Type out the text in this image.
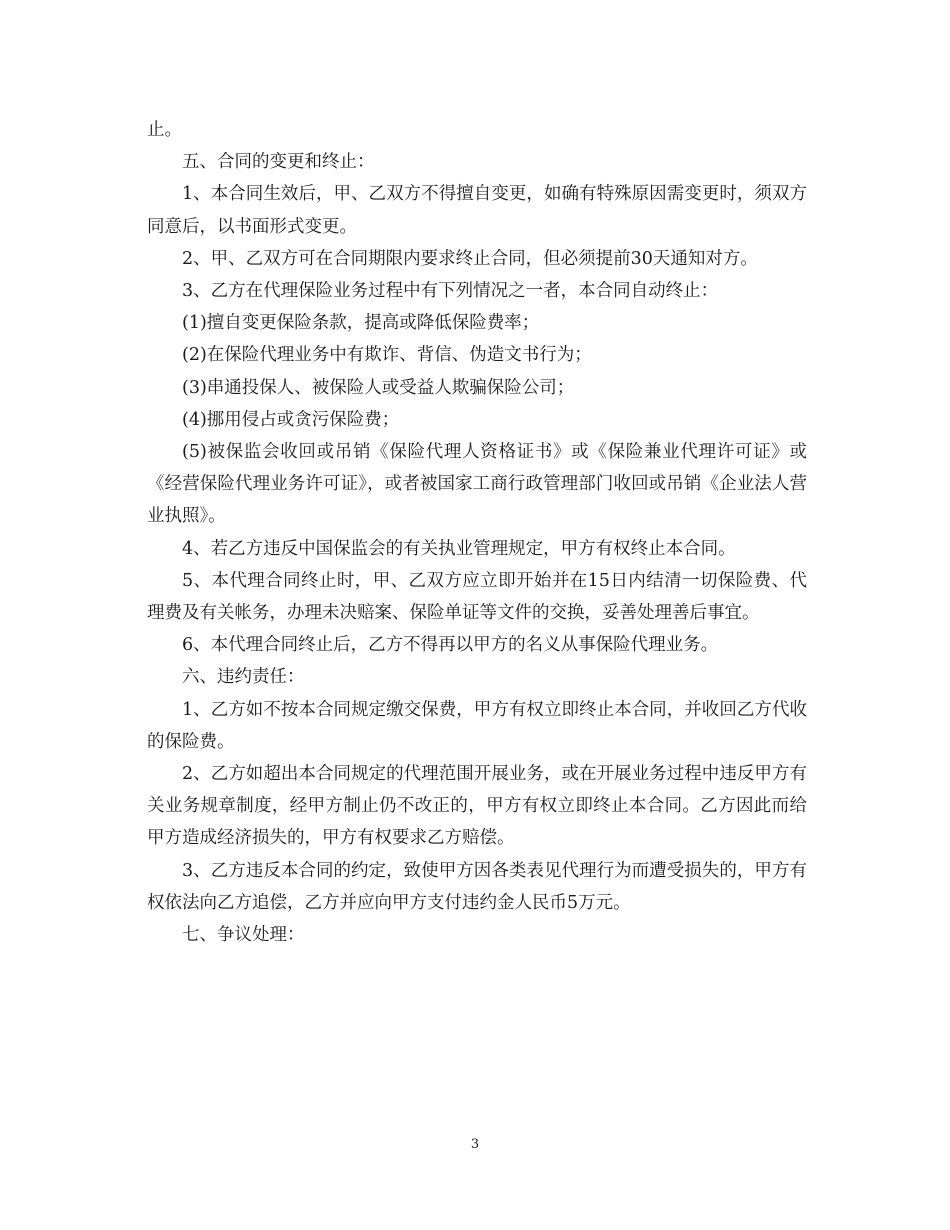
止。

五、合同的变更和终止：

1、本合同生效后，甲、乙双方不得擅自变更，如确有特殊原因需变更时，须双方同意后，以书面形式变更。

2、甲、乙双方可在合同期限内要求终止合同，但必须提前30天通知对方。

3、乙方在代理保险业务过程中有下列情况之一者，本合同自动终止：

(1)擅自变更保险条款，提高或降低保险费率；

(2)在保险代理业务中有欺诈、背信、伪造文书行为；

(3)串通投保人、被保险人或受益人欺骗保险公司；

(4)挪用侵占或贪污保险费；

(5)被保监会收回或吊销《保险代理人资格证书》或《保险兼业代理许可证》或《经营保险代理业务许可证》，或者被国家工商行政管理部门收回或吊销《企业法人营业执照》。

4、若乙方违反中国保监会的有关执业管理规定，甲方有权终止本合同。

5、本代理合同终止时，甲、乙双方应立即开始并在15日内结清一切保险费、代理费及有关帐务，办理未决赔案、保险单证等文件的交换，妥善处理善后事宜。

6、本代理合同终止后，乙方不得再以甲方的名义从事保险代理业务。

六、违约责任：

1、乙方如不按本合同规定缴交保费，甲方有权立即终止本合同，并收回乙方代收的保险费。

2、乙方如超出本合同规定的代理范围开展业务，或在开展业务过程中违反甲方有关业务规章制度，经甲方制止仍不改正的，甲方有权立即终止本合同。乙方因此而给甲方造成经济损失的，甲方有权要求乙方赔偿。

3、乙方违反本合同的约定，致使甲方因各类表见代理行为而遭受损失的，甲方有权依法向乙方追偿，乙方并应向甲方支付违约金人民币5万元。

七、争议处理：

3
